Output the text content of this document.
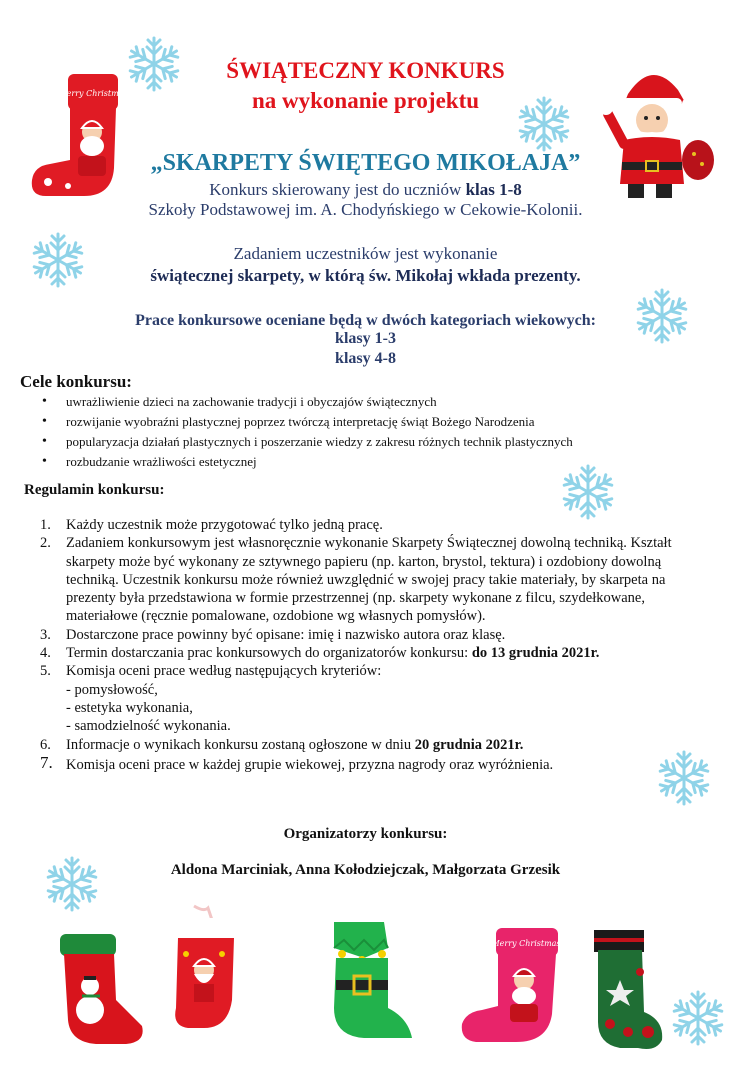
Merry Christmas
ŚWIĄTECZNY KONKURS
na wykonanie projektu
„SKARPETY ŚWIĘTEGO MIKOŁAJA”
Konkurs skierowany jest do uczniów klas 1-8
Szkoły Podstawowej im. A. Chodyńskiego w Cekowie-Kolonii.
Zadaniem uczestników jest wykonanie
świątecznej skarpety, w którą św. Mikołaj wkłada prezenty.
Prace konkursowe oceniane będą w dwóch kategoriach wiekowych:
klasy 1-3
klasy 4-8
Cele konkursu:
• uwrażliwienie dzieci na zachowanie tradycji i obyczajów świątecznych
• rozwijanie wyobraźni plastycznej poprzez twórczą interpretację świąt Bożego Narodzenia
• popularyzacja działań plastycznych i poszerzanie wiedzy z zakresu różnych technik plastycznych
• rozbudzanie wrażliwości estetycznej
Regulamin konkursu:
1. Każdy uczestnik może przygotować tylko jedną pracę.
2. Zadaniem konkursowym jest własnoręcznie wykonanie Skarpety Świątecznej dowolną techniką. Kształt skarpety może być wykonany ze sztywnego papieru (np. karton, brystol, tektura) i ozdobiony dowolną techniką. Uczestnik konkursu może również uwzględnić w swojej pracy takie materiały, by skarpeta na prezenty była przedstawiona w formie przestrzennej (np. skarpety wykonane z filcu, szydełkowane, materiałowe (ręcznie pomalowane, ozdobione wg własnych pomysłów).
3. Dostarczone prace powinny być opisane: imię i nazwisko autora oraz klasę.
4. Termin dostarczania prac konkursowych do organizatorów konkursu: do 13 grudnia 2021r.
5. Komisja oceni prace według następujących kryteriów:
- pomysłowość,
- estetyka wykonania,
- samodzielność wykonania.
6. Informacje o wynikach konkursu zostaną ogłoszone w dniu 20 grudnia 2021r.
7. Komisja oceni prace w każdej grupie wiekowej, przyzna nagrody oraz wyróżnienia.
Organizatorzy konkursu:
Aldona Marciniak, Anna Kołodziejczak, Małgorzata Grzesik
Merry Christmas
